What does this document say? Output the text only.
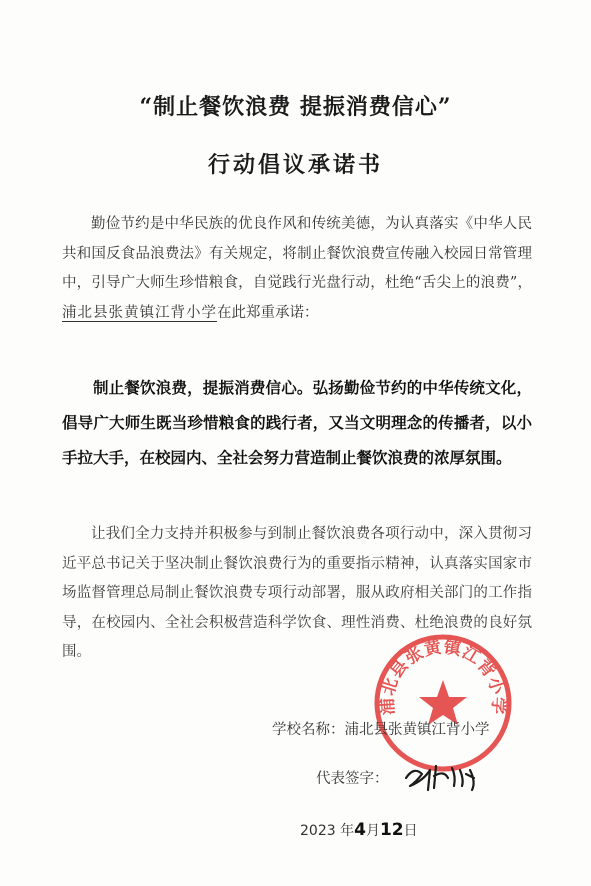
“制止餐饮浪费 提振消费信心”
行动倡议承诺书
勤俭节约是中华民族的优良作风和传统美德，为认真落实《中华人民共和国反食品浪费法》有关规定，将制止餐饮浪费宣传融入校园日常管理中，引导广大师生珍惜粮食，自觉践行光盘行动，杜绝“舌尖上的浪费”，浦北县张黄镇江背小学在此郑重承诺：
制止餐饮浪费，提振消费信心。弘扬勤俭节约的中华传统文化，倡导广大师生既当珍惜粮食的践行者，又当文明理念的传播者，以小手拉大手，在校园内、全社会努力营造制止餐饮浪费的浓厚氛围。
让我们全力支持并积极参与到制止餐饮浪费各项行动中，深入贯彻习近平总书记关于坚决制止餐饮浪费行为的重要指示精神，认真落实国家市场监督管理总局制止餐饮浪费专项行动部署，服从政府相关部门的工作指导，在校园内、全社会积极营造科学饮食、理性消费、杜绝浪费的良好氛围。
浦北县张黄镇江背小学
学校名称：浦北县张黄镇江背小学
代表签字：
2023 年4月12日
